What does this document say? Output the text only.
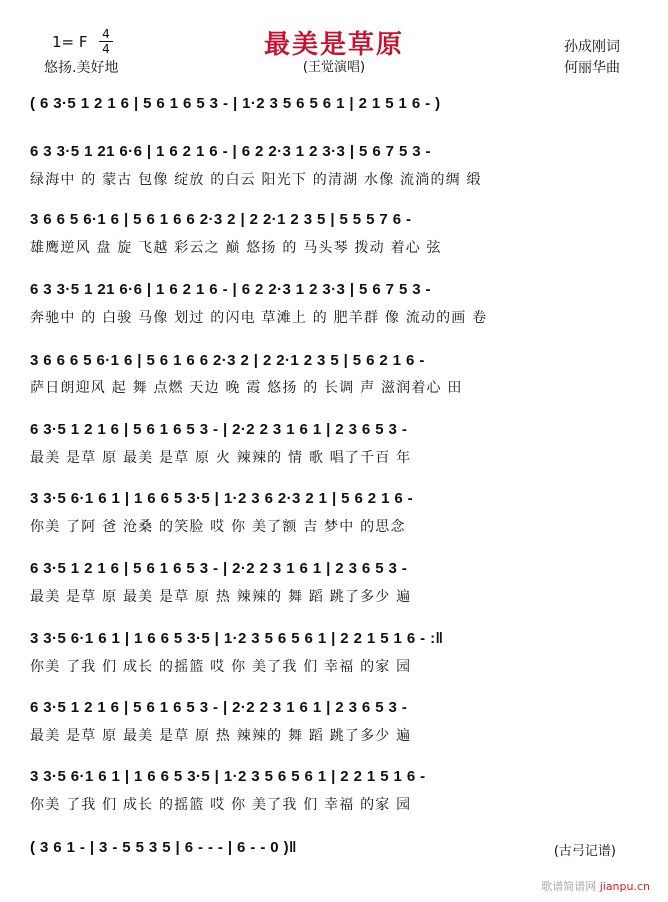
最美是草原
1= F 4
4
悠扬.美好地	(王觉演唱)
孙成刚词
何丽华曲
( 6 3·5 1 2 1 6 | 5 6 1 6 5 3 - | 1·2 3 5 6 5 6 1 | 2 1 5 1 6 - )
6 3 3·5 1 21 6·6 | 1 6 2 1 6 - | 6 2 2·3 1 2 3·3 | 5 6 7 5 3 -
绿海中 的 蒙古 包像 绽放 的白云 阳光下 的清湖 水像 流淌的绸 缎
3 6 6 5 6·1 6 | 5 6 1 6 6 2·3 2 | 2 2·1 2 3 5 | 5 5 5 7 6 -
雄鹰逆风 盘 旋 飞越 彩云之 巅 悠扬 的 马头琴 拨动 着心 弦
6 3 3·5 1 21 6·6 | 1 6 2 1 6 - | 6 2 2·3 1 2 3·3 | 5 6 7 5 3 -
奔驰中 的 白骏 马像 划过 的闪电 草滩上 的 肥羊群 像 流动的画 卷
3 6 6 6 5 6·1 6 | 5 6 1 6 6 2·3 2 | 2 2·1 2 3 5 | 5 6 2 1 6 -
萨日朗迎风 起 舞 点燃 天边 晚 霞 悠扬 的 长调 声 滋润着心 田
6 3·5 1 2 1 6 | 5 6 1 6 5 3 - | 2·2 2 3 1 6 1 | 2 3 6 5 3 -
最美 是草 原 最美 是草 原 火 辣辣的 情 歌 唱了千百 年
3 3·5 6·1 6 1 | 1 6 6 5 3·5 | 1·2 3 6 2·3 2 1 | 5 6 2 1 6 -
你美 了阿 爸 沧桑 的笑脸 哎 你 美了额 吉 梦中 的思念
6 3·5 1 2 1 6 | 5 6 1 6 5 3 - | 2·2 2 3 1 6 1 | 2 3 6 5 3 -
最美 是草 原 最美 是草 原 热 辣辣的 舞 蹈 跳了多少 遍
3 3·5 6·1 6 1 | 1 6 6 5 3·5 | 1·2 3 5 6 5 6 1 | 2 2 1 5 1 6 - :‖
你美 了我 们 成长 的摇篮 哎 你 美了我 们 幸福 的家 园
6 3·5 1 2 1 6 | 5 6 1 6 5 3 - | 2·2 2 3 1 6 1 | 2 3 6 5 3 -
最美 是草 原 最美 是草 原 热 辣辣的 舞 蹈 跳了多少 遍
3 3·5 6·1 6 1 | 1 6 6 5 3·5 | 1·2 3 5 6 5 6 1 | 2 2 1 5 1 6 -
你美 了我 们 成长 的摇篮 哎 你 美了我 们 幸福 的家 园
( 3 6 1 - | 3 - 5 5 3 5 | 6 - - - | 6 - - 0 )‖	(古弓记谱)
歌谱简谱网 jianpu.cn
